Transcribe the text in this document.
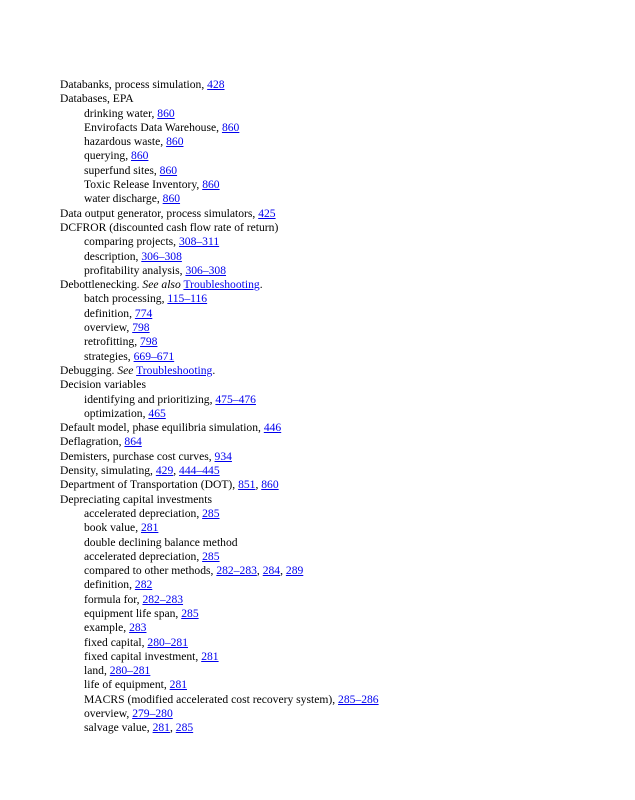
Databanks, process simulation, 428
Databases, EPA
drinking water, 860
Envirofacts Data Warehouse, 860
hazardous waste, 860
querying, 860
superfund sites, 860
Toxic Release Inventory, 860
water discharge, 860
Data output generator, process simulators, 425
DCFROR (discounted cash flow rate of return)
comparing projects, 308–311
description, 306–308
profitability analysis, 306–308
Debottlenecking. See also Troubleshooting.
batch processing, 115–116
definition, 774
overview, 798
retrofitting, 798
strategies, 669–671
Debugging. See Troubleshooting.
Decision variables
identifying and prioritizing, 475–476
optimization, 465
Default model, phase equilibria simulation, 446
Deflagration, 864
Demisters, purchase cost curves, 934
Density, simulating, 429, 444–445
Department of Transportation (DOT), 851, 860
Depreciating capital investments
accelerated depreciation, 285
book value, 281
double declining balance method
accelerated depreciation, 285
compared to other methods, 282–283, 284, 289
definition, 282
formula for, 282–283
equipment life span, 285
example, 283
fixed capital, 280–281
fixed capital investment, 281
land, 280–281
life of equipment, 281
MACRS (modified accelerated cost recovery system), 285–286
overview, 279–280
salvage value, 281, 285
